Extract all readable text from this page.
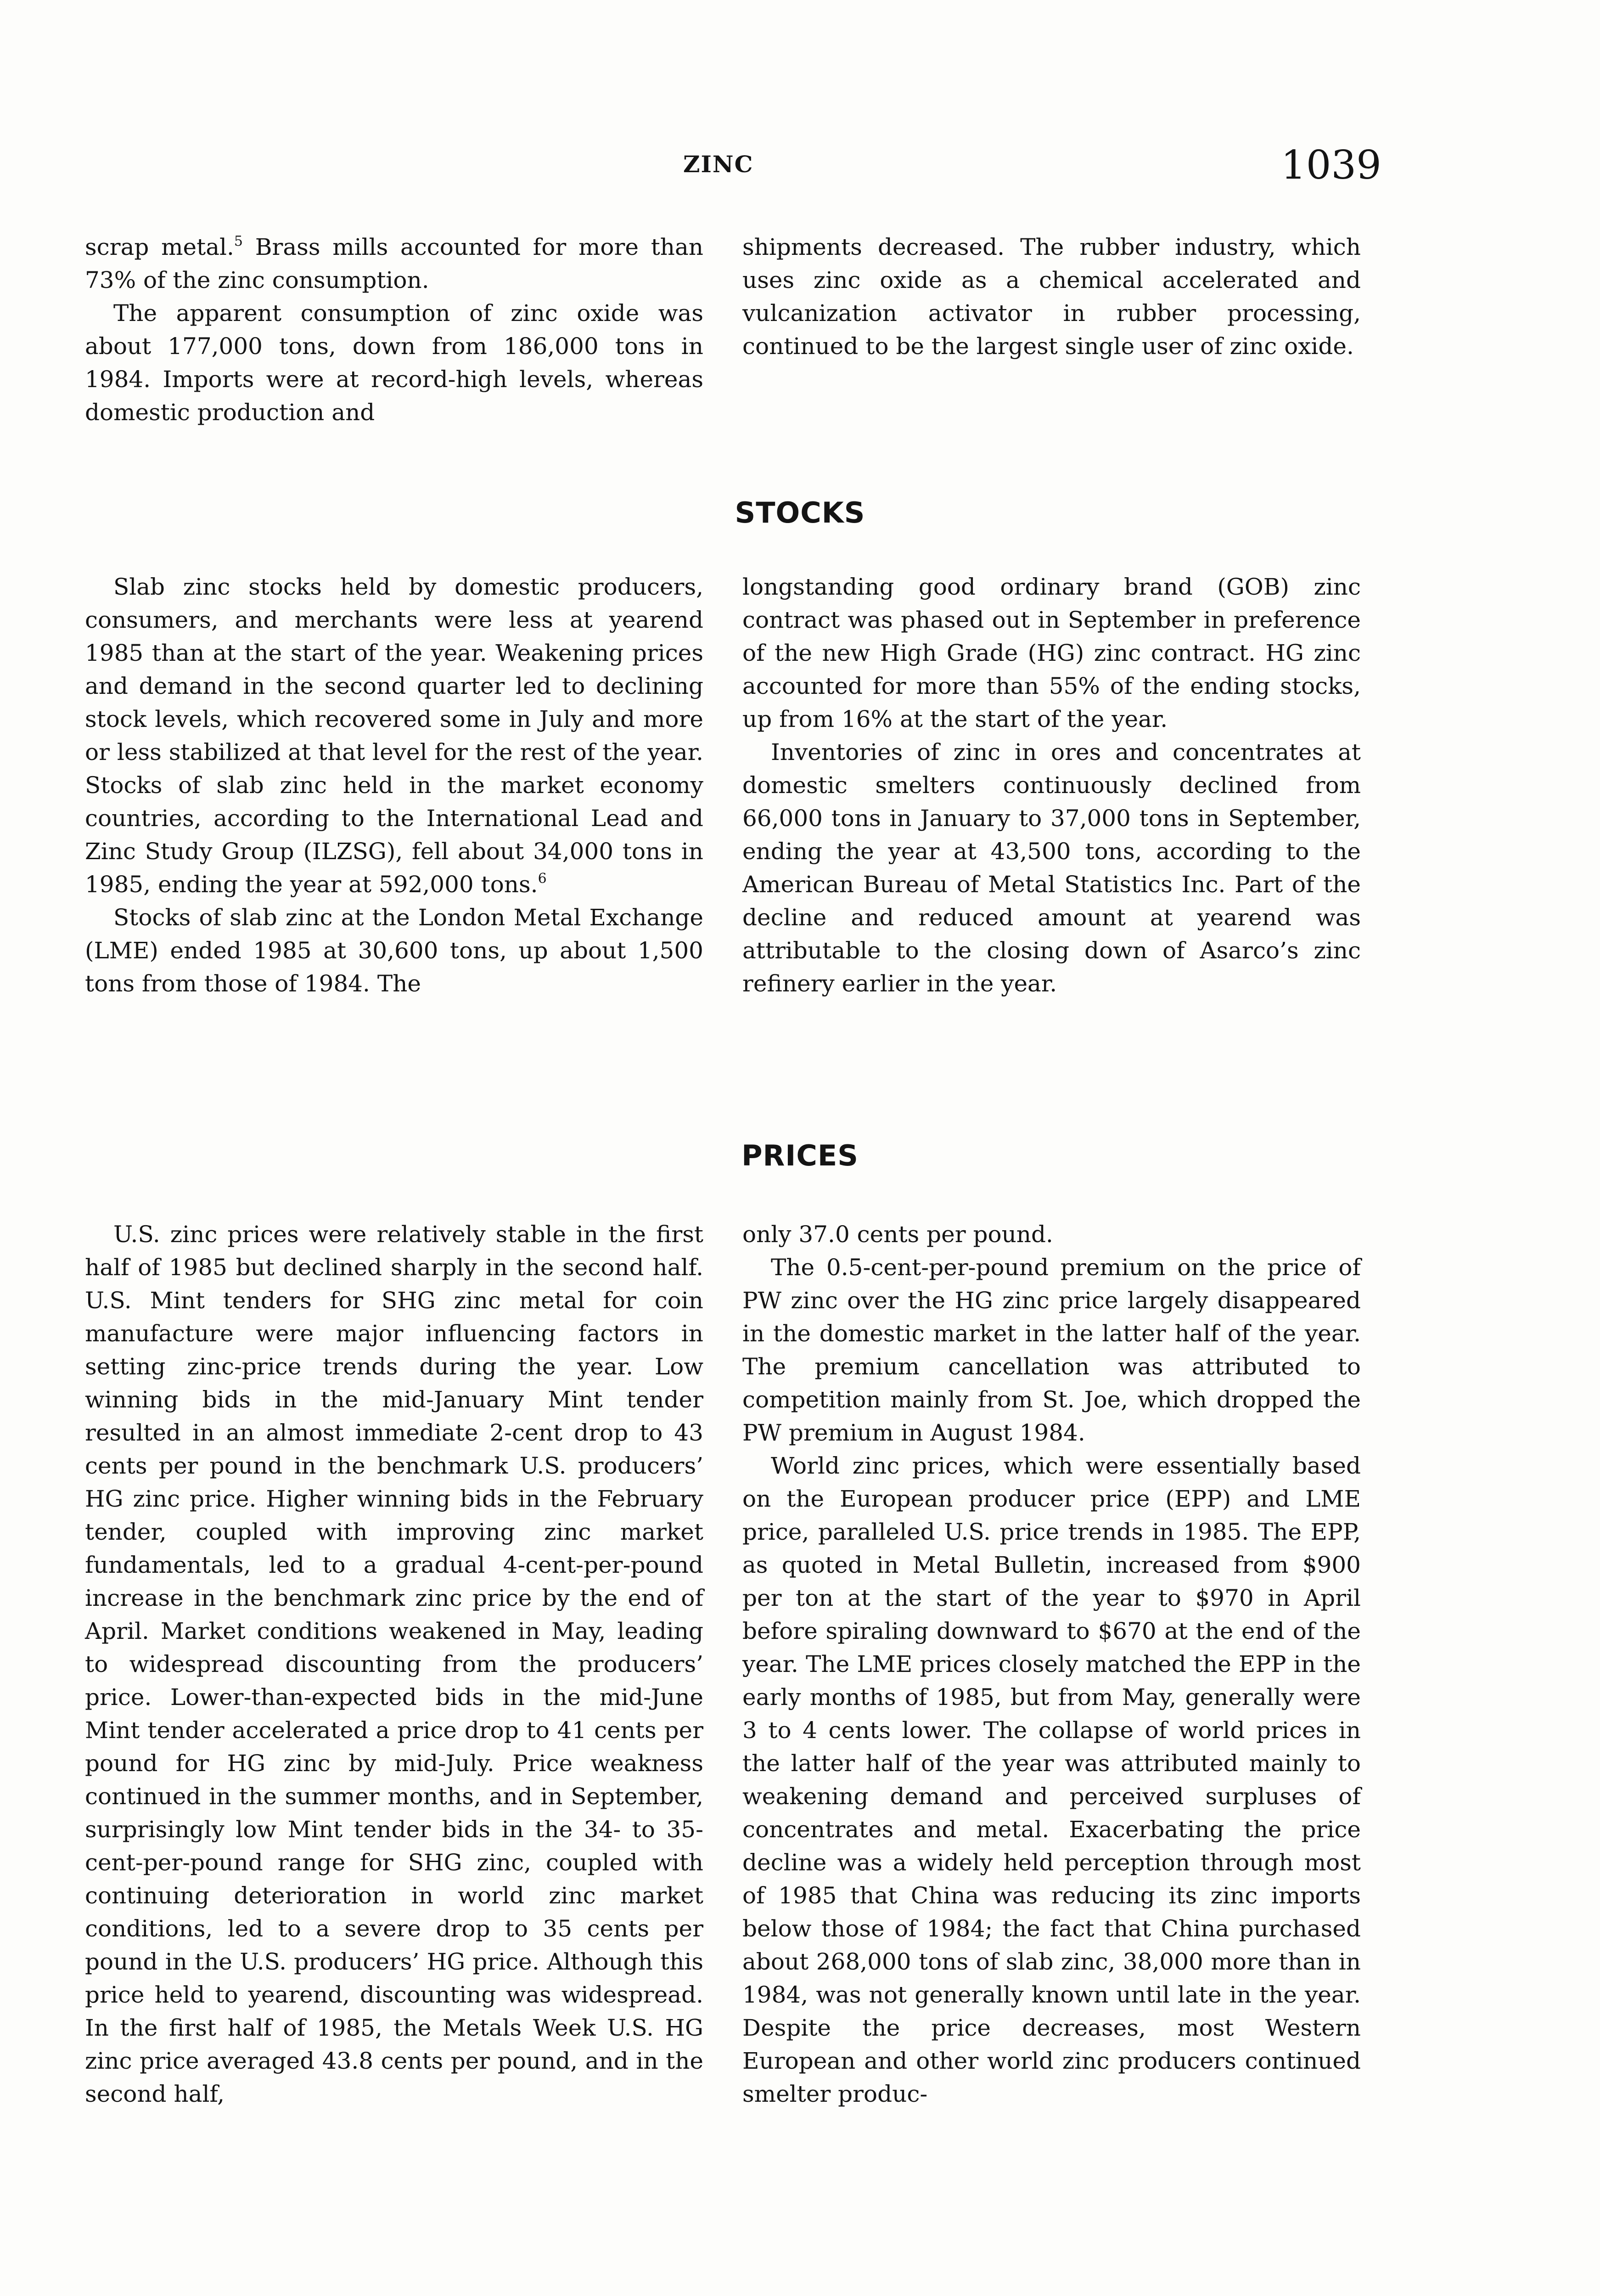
ZINC	1039

scrap metal.$^5$ Brass mills accounted for more than 73% of the zinc consumption.

The apparent consumption of zinc oxide was about 177,000 tons, down from 186,000 tons in 1984. Imports were at record-high levels, whereas domestic production and

shipments decreased. The rubber industry, which uses zinc oxide as a chemical accelerated and vulcanization activator in rubber processing, continued to be the largest single user of zinc oxide.

STOCKS

Slab zinc stocks held by domestic producers, consumers, and merchants were less at yearend 1985 than at the start of the year. Weakening prices and demand in the second quarter led to declining stock levels, which recovered some in July and more or less stabilized at that level for the rest of the year. Stocks of slab zinc held in the market economy countries, according to the International Lead and Zinc Study Group (ILZSG), fell about 34,000 tons in 1985, ending the year at 592,000 tons.$^6$

Stocks of slab zinc at the London Metal Exchange (LME) ended 1985 at 30,600 tons, up about 1,500 tons from those of 1984. The

longstanding good ordinary brand (GOB) zinc contract was phased out in September in preference of the new High Grade (HG) zinc contract. HG zinc accounted for more than 55% of the ending stocks, up from 16% at the start of the year.

Inventories of zinc in ores and concentrates at domestic smelters continuously declined from 66,000 tons in January to 37,000 tons in September, ending the year at 43,500 tons, according to the American Bureau of Metal Statistics Inc. Part of the decline and reduced amount at yearend was attributable to the closing down of Asarco’s zinc refinery earlier in the year.

PRICES

U.S. zinc prices were relatively stable in the first half of 1985 but declined sharply in the second half. U.S. Mint tenders for SHG zinc metal for coin manufacture were major influencing factors in setting zinc-price trends during the year. Low winning bids in the mid-January Mint tender resulted in an almost immediate 2-cent drop to 43 cents per pound in the benchmark U.S. producers’ HG zinc price. Higher winning bids in the February tender, coupled with improving zinc market fundamentals, led to a gradual 4-cent-per-pound increase in the benchmark zinc price by the end of April. Market conditions weakened in May, leading to widespread discounting from the producers’ price. Lower-than-expected bids in the mid-June Mint tender accelerated a price drop to 41 cents per pound for HG zinc by mid-July. Price weakness continued in the summer months, and in September, surprisingly low Mint tender bids in the 34- to 35-cent-per-pound range for SHG zinc, coupled with continuing deterioration in world zinc market conditions, led to a severe drop to 35 cents per pound in the U.S. producers’ HG price. Although this price held to yearend, discounting was widespread. In the first half of 1985, the Metals Week U.S. HG zinc price averaged 43.8 cents per pound, and in the second half,

only 37.0 cents per pound.

The 0.5-cent-per-pound premium on the price of PW zinc over the HG zinc price largely disappeared in the domestic market in the latter half of the year. The premium cancellation was attributed to competition mainly from St. Joe, which dropped the PW premium in August 1984.

World zinc prices, which were essentially based on the European producer price (EPP) and LME price, paralleled U.S. price trends in 1985. The EPP, as quoted in Metal Bulletin, increased from $900 per ton at the start of the year to $970 in April before spiraling downward to $670 at the end of the year. The LME prices closely matched the EPP in the early months of 1985, but from May, generally were 3 to 4 cents lower. The collapse of world prices in the latter half of the year was attributed mainly to weakening demand and perceived surpluses of concentrates and metal. Exacerbating the price decline was a widely held perception through most of 1985 that China was reducing its zinc imports below those of 1984; the fact that China purchased about 268,000 tons of slab zinc, 38,000 more than in 1984, was not generally known until late in the year. Despite the price decreases, most Western European and other world zinc producers continued smelter produc-
